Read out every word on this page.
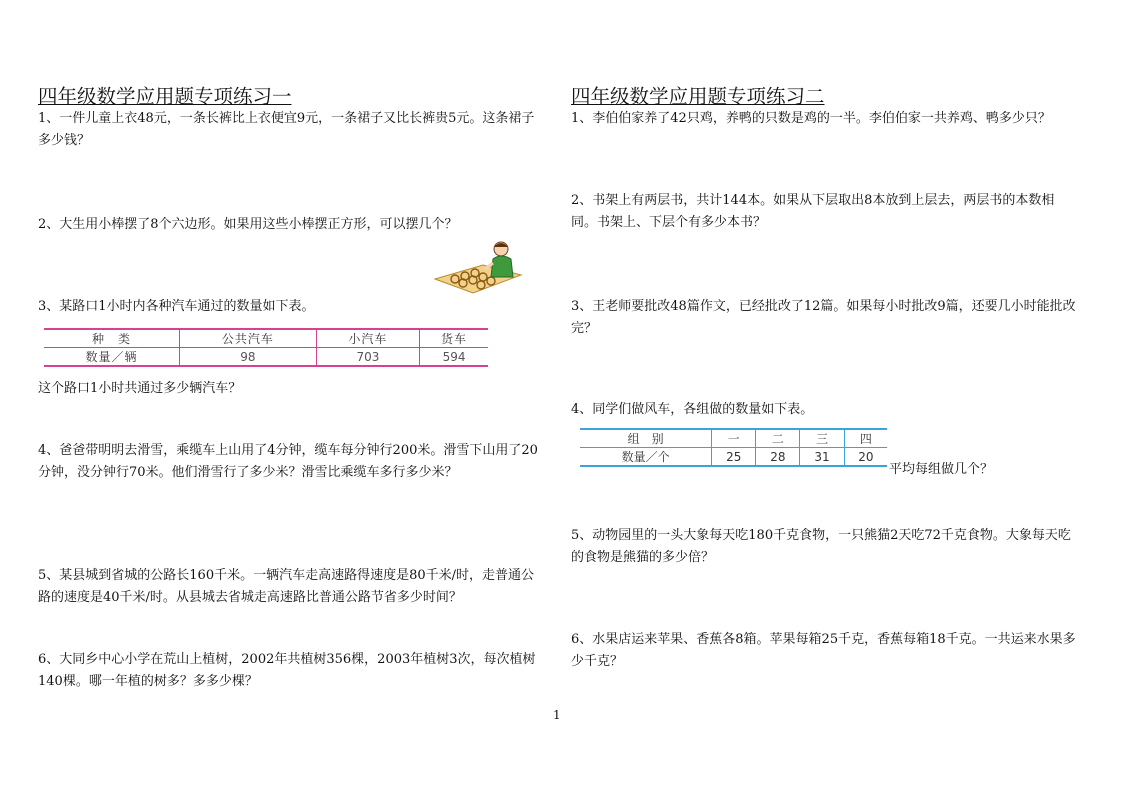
四年级数学应用题专项练习一

1、一件儿童上衣48元，一条长裤比上衣便宜9元，一条裙子又比长裤贵5元。这条裙子多少钱？

2、大生用小棒摆了8个六边形。如果用这些小棒摆正方形，可以摆几个？

3、某路口1小时内各种汽车通过的数量如下表。

种　类	公共汽车	小汽车	货车
数量／辆	98	703	594

这个路口1小时共通过多少辆汽车？

4、爸爸带明明去滑雪，乘缆车上山用了4分钟，缆车每分钟行200米。滑雪下山用了20分钟，没分钟行70米。他们滑雪行了多少米？滑雪比乘缆车多行多少米？

5、某县城到省城的公路长160千米。一辆汽车走高速路得速度是80千米/时，走普通公路的速度是40千米/时。从县城去省城走高速路比普通公路节省多少时间？

6、大同乡中心小学在荒山上植树，2002年共植树356棵，2003年植树3次，每次植树140棵。哪一年植的树多？多多少棵？

四年级数学应用题专项练习二

1、李伯伯家养了42只鸡，养鸭的只数是鸡的一半。李伯伯家一共养鸡、鸭多少只？

2、书架上有两层书，共计144本。如果从下层取出8本放到上层去，两层书的本数相同。书架上、下层个有多少本书？

3、王老师要批改48篇作文，已经批改了12篇。如果每小时批改9篇，还要几小时能批改完？

4、同学们做风车，各组做的数量如下表。

组　别	一	二	三	四
数量／个	25	28	31	20
平均每组做几个？

5、动物园里的一头大象每天吃180千克食物，一只熊猫2天吃72千克食物。大象每天吃的食物是熊猫的多少倍？

6、水果店运来苹果、香蕉各8箱。苹果每箱25千克，香蕉每箱18千克。一共运来水果多少千克？

1
